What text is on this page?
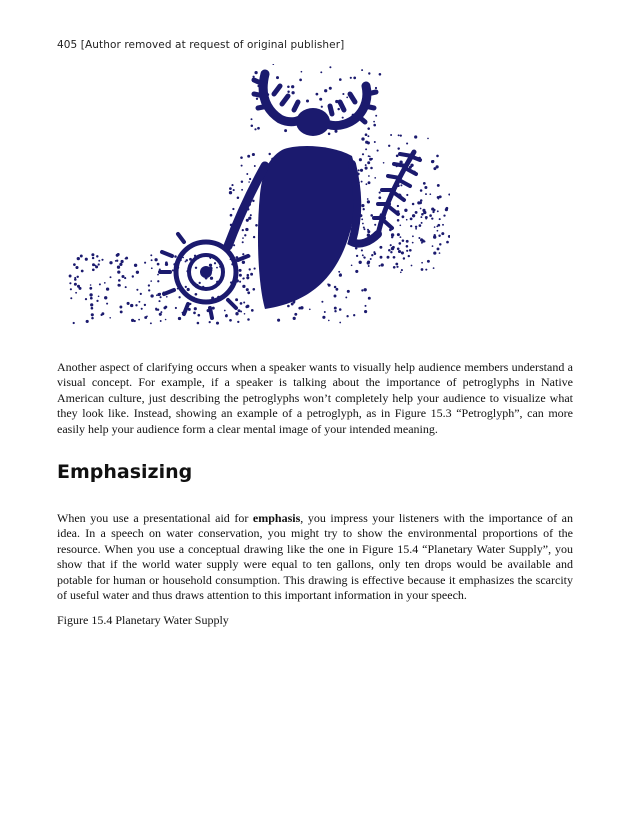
405 [Author removed at request of original publisher]

Another aspect of clarifying occurs when a speaker wants to visually help audience members understand a visual concept. For example, if a speaker is talking about the importance of petroglyphs in Native American culture, just describing the petroglyphs won’t completely help your audience to visualize what they look like. Instead, showing an example of a petroglyph, as in Figure 15.3 “Petroglyph”, can more easily help your audience form a clear mental image of your intended meaning.

Emphasizing

When you use a presentational aid for emphasis, you impress your listeners with the importance of an idea. In a speech on water conservation, you might try to show the environmental proportions of the resource. When you use a conceptual drawing like the one in Figure 15.4 “Planetary Water Supply”, you show that if the world water supply were equal to ten gallons, only ten drops would be available and potable for human or household consumption. This drawing is effective because it emphasizes the scarcity of useful water and thus draws attention to this important information in your speech.

Figure 15.4 Planetary Water Supply
